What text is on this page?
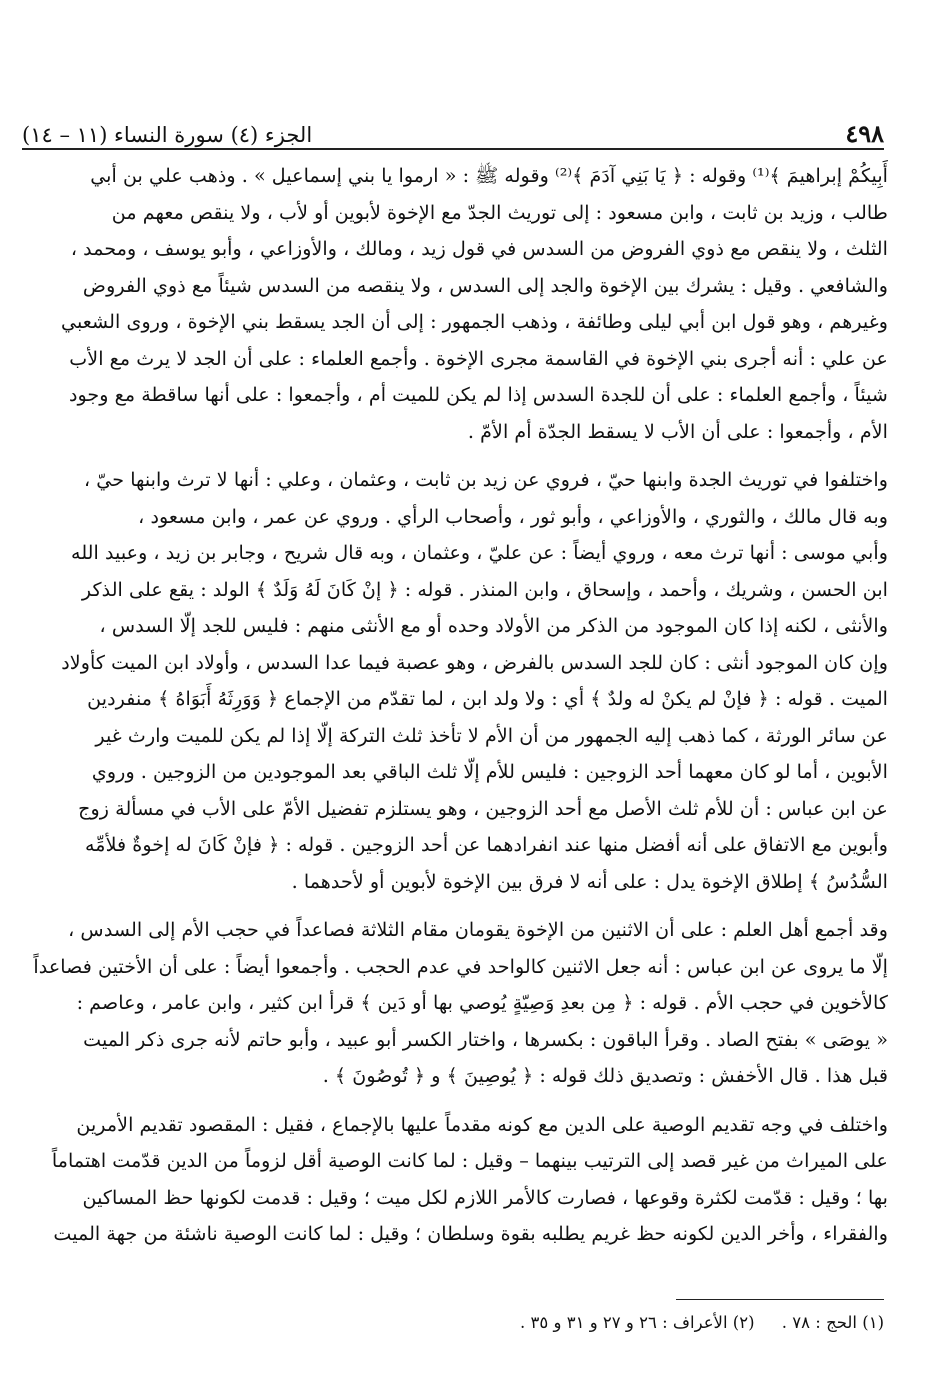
٤٩٨
الجزء (٤) سورة النساء (١١ – ١٤)
أَبِيكُمْ إبراهيمَ ﴾⁽¹⁾ وقوله : ﴿ يَا بَنِي آدَمَ ﴾⁽²⁾ وقوله ﷺ : « ارموا يا بني إسماعيل » . وذهب علي بن أبي
طالب ، وزيد بن ثابت ، وابن مسعود : إلى توريث الجدّ مع الإخوة لأبوين أو لأب ، ولا ينقص معهم من
الثلث ، ولا ينقص مع ذوي الفروض من السدس في قول زيد ، ومالك ، والأوزاعي ، وأبو يوسف ، ومحمد ،
والشافعي . وقيل : يشرك بين الإخوة والجد إلى السدس ، ولا ينقصه من السدس شيئاً مع ذوي الفروض
وغيرهم ، وهو قول ابن أبي ليلى وطائفة ، وذهب الجمهور : إلى أن الجد يسقط بني الإخوة ، وروى الشعبي
عن علي : أنه أجرى بني الإخوة في القاسمة مجرى الإخوة . وأجمع العلماء : على أن الجد لا يرث مع الأب
شيئاً ، وأجمع العلماء : على أن للجدة السدس إذا لم يكن للميت أم ، وأجمعوا : على أنها ساقطة مع وجود
الأم ، وأجمعوا : على أن الأب لا يسقط الجدّة أم الأمّ .
واختلفوا في توريث الجدة وابنها حيّ ، فروي عن زيد بن ثابت ، وعثمان ، وعلي : أنها لا ترث وابنها حيّ ،
وبه قال مالك ، والثوري ، والأوزاعي ، وأبو ثور ، وأصحاب الرأي . وروي عن عمر ، وابن مسعود ،
وأبي موسى : أنها ترث معه ، وروي أيضاً : عن عليّ ، وعثمان ، وبه قال شريح ، وجابر بن زيد ، وعبيد الله
ابن الحسن ، وشريك ، وأحمد ، وإسحاق ، وابن المنذر . قوله : ﴿ إنْ كَانَ لَهُ وَلَدٌ ﴾ الولد : يقع على الذكر
والأنثى ، لكنه إذا كان الموجود من الذكر من الأولاد وحده أو مع الأنثى منهم : فليس للجد إلّا السدس ،
وإن كان الموجود أنثى : كان للجد السدس بالفرض ، وهو عصبة فيما عدا السدس ، وأولاد ابن الميت كأولاد
الميت . قوله : ﴿ فإنْ لم يكنْ له ولدٌ ﴾ أي : ولا ولد ابن ، لما تقدّم من الإجماع ﴿ وَوَرِثَهُ أَبَوَاهُ ﴾ منفردين
عن سائر الورثة ، كما ذهب إليه الجمهور من أن الأم لا تأخذ ثلث التركة إلّا إذا لم يكن للميت وارث غير
الأبوين ، أما لو كان معهما أحد الزوجين : فليس للأم إلّا ثلث الباقي بعد الموجودين من الزوجين . وروي
عن ابن عباس : أن للأم ثلث الأصل مع أحد الزوجين ، وهو يستلزم تفضيل الأمّ على الأب في مسألة زوج
وأبوين مع الاتفاق على أنه أفضل منها عند انفرادهما عن أحد الزوجين . قوله : ﴿ فإنْ كَانَ له إخوةٌ فلأمِّه
السُّدُسُ ﴾ إطلاق الإخوة يدل : على أنه لا فرق بين الإخوة لأبوين أو لأحدهما .
وقد أجمع أهل العلم : على أن الاثنين من الإخوة يقومان مقام الثلاثة فصاعداً في حجب الأم إلى السدس ،
إلّا ما يروى عن ابن عباس : أنه جعل الاثنين كالواحد في عدم الحجب . وأجمعوا أيضاً : على أن الأختين فصاعداً
كالأخوين في حجب الأم . قوله : ﴿ مِن بعدِ وَصِيّةٍ يُوصي بها أو دَين ﴾ قرأ ابن كثير ، وابن عامر ، وعاصم :
« يوصَى » بفتح الصاد . وقرأ الباقون : بكسرها ، واختار الكسر أبو عبيد ، وأبو حاتم لأنه جرى ذكر الميت
قبل هذا . قال الأخفش : وتصديق ذلك قوله : ﴿ يُوصِينَ ﴾ و ﴿ تُوصُونَ ﴾ .
واختلف في وجه تقديم الوصية على الدين مع كونه مقدماً عليها بالإجماع ، فقيل : المقصود تقديم الأمرين
على الميراث من غير قصد إلى الترتيب بينهما – وقيل : لما كانت الوصية أقل لزوماً من الدين قدّمت اهتماماً
بها ؛ وقيل : قدّمت لكثرة وقوعها ، فصارت كالأمر اللازم لكل ميت ؛ وقيل : قدمت لكونها حظ المساكين
والفقراء ، وأخر الدين لكونه حظ غريم يطلبه بقوة وسلطان ؛ وقيل : لما كانت الوصية ناشئة من جهة الميت
(١) الحج : ٧٨ . (٢) الأعراف : ٢٦ و ٢٧ و ٣١ و ٣٥ .
